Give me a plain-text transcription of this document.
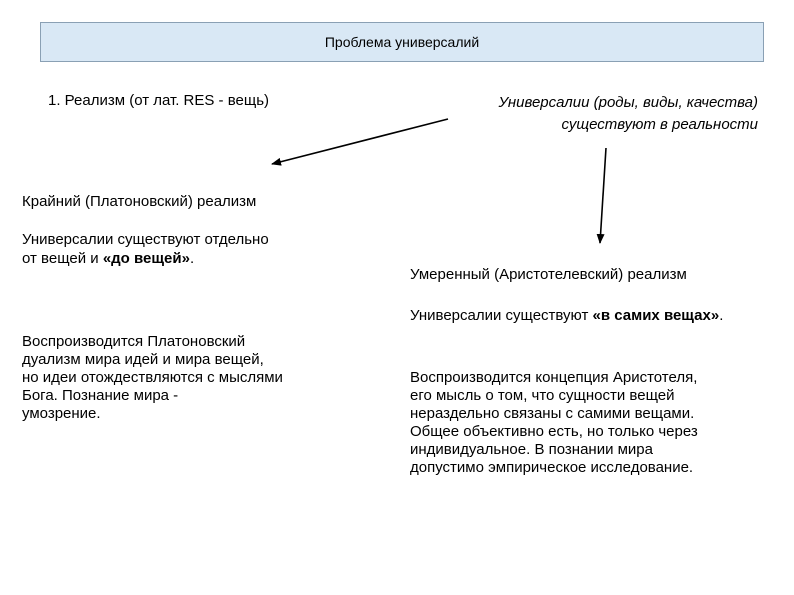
Проблема универсалий
1. Реализм (от лат. RES - вещь)	Универсалии (роды, виды, качества)
существуют в реальности
Крайний (Платоновский) реализм
Универсалии существуют отдельно
от вещей и «до вещей».
Умеренный (Аристотелевский) реализм
Универсалии существуют «в самих вещах».
Воспроизводится Платоновский
дуализм мира идей и мира вещей,
но идеи отождествляются с мыслями
Бога. Познание мира -
умозрение.
Воспроизводится концепция Аристотеля,
его мысль о том, что сущности вещей
нераздельно связаны с самими вещами.
Общее объективно есть, но только через
индивидуальное. В познании мира
допустимо эмпирическое исследование.
